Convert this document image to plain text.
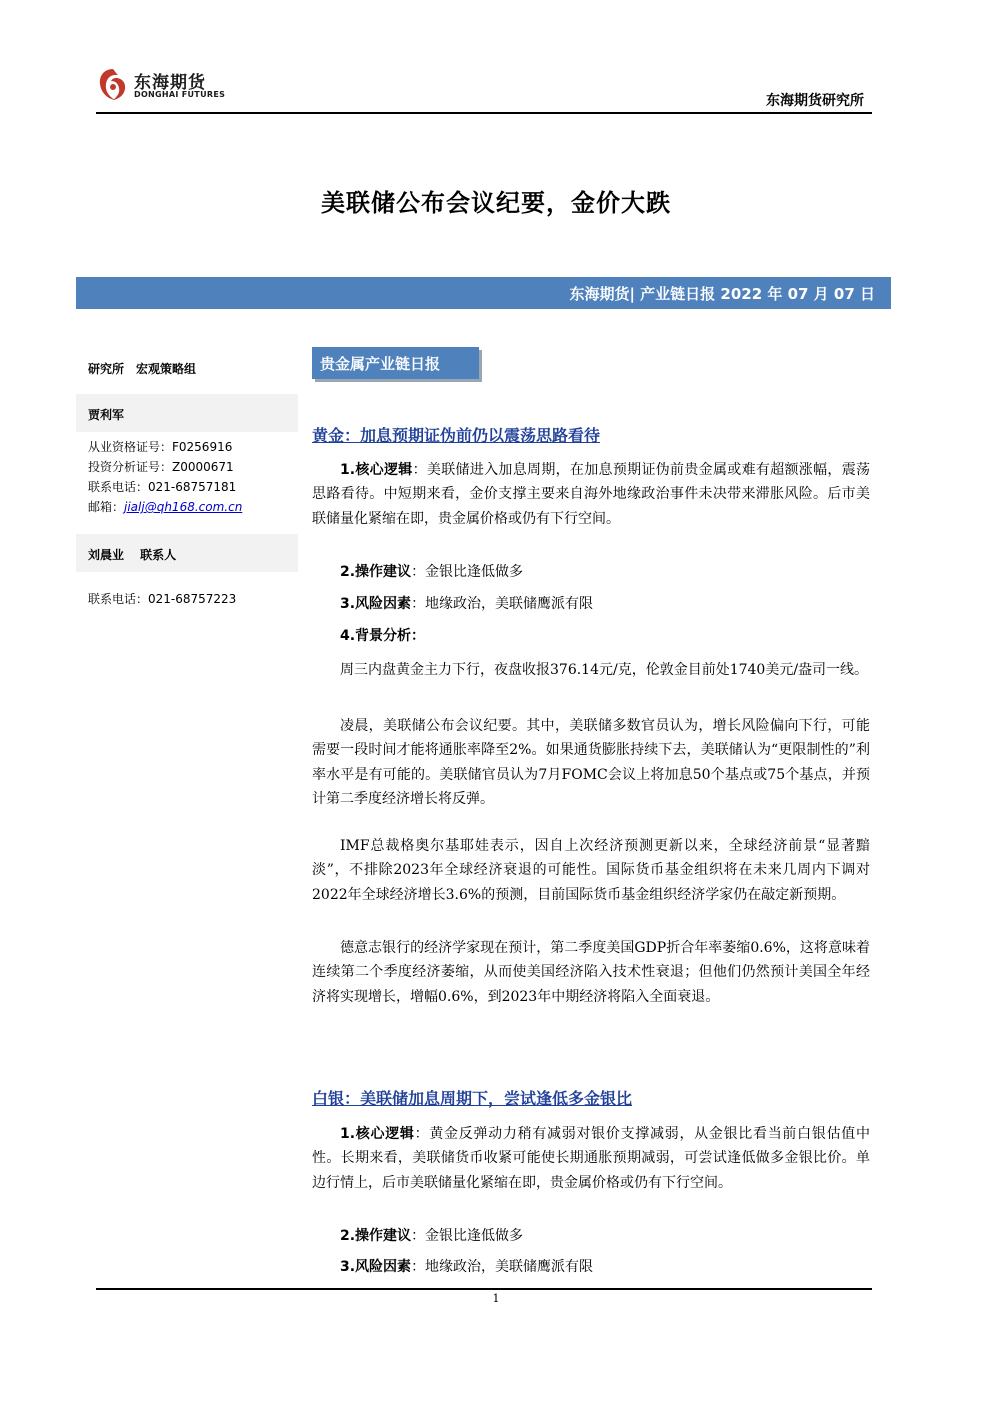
东海期货
DONGHAI FUTURES	东海期货研究所
美联储公布会议纪要，金价大跌
东海期货| 产业链日报 2022 年 07 月 07 日
研究所　宏观策略组
贾利军
从业资格证号：F0256916
投资分析证号：Z0000671
联系电话：021-68757181
邮箱：jialj@qh168.com.cn
刘晨业　 联系人
联系电话：021-68757223
贵金属产业链日报
黄金：加息预期证伪前仍以震荡思路看待
1.核心逻辑：美联储进入加息周期，在加息预期证伪前贵金属或难有超额涨幅，震荡思路看待。中短期来看，金价支撑主要来自海外地缘政治事件未决带来滞胀风险。后市美联储量化紧缩在即，贵金属价格或仍有下行空间。
2.操作建议：金银比逢低做多
3.风险因素：地缘政治，美联储鹰派有限
4.背景分析：
周三内盘黄金主力下行，夜盘收报376.14元/克，伦敦金目前处1740美元/盎司一线。
凌晨，美联储公布会议纪要。其中，美联储多数官员认为，增长风险偏向下行，可能需要一段时间才能将通胀率降至2%。如果通货膨胀持续下去，美联储认为“更限制性的”利率水平是有可能的。美联储官员认为7月FOMC会议上将加息50个基点或75个基点，并预计第二季度经济增长将反弹。
IMF总裁格奥尔基耶娃表示，因自上次经济预测更新以来，全球经济前景“显著黯淡”，不排除2023年全球经济衰退的可能性。国际货币基金组织将在未来几周内下调对2022年全球经济增长3.6%的预测，目前国际货币基金组织经济学家仍在敲定新预期。
德意志银行的经济学家现在预计，第二季度美国GDP折合年率萎缩0.6%，这将意味着连续第二个季度经济萎缩，从而使美国经济陷入技术性衰退；但他们仍然预计美国全年经济将实现增长，增幅0.6%，到2023年中期经济将陷入全面衰退。
白银：美联储加息周期下，尝试逢低多金银比
1.核心逻辑：黄金反弹动力稍有减弱对银价支撑减弱，从金银比看当前白银估值中性。长期来看，美联储货币收紧可能使长期通胀预期减弱，可尝试逢低做多金银比价。单边行情上，后市美联储量化紧缩在即，贵金属价格或仍有下行空间。
2.操作建议：金银比逢低做多
3.风险因素：地缘政治，美联储鹰派有限
1
